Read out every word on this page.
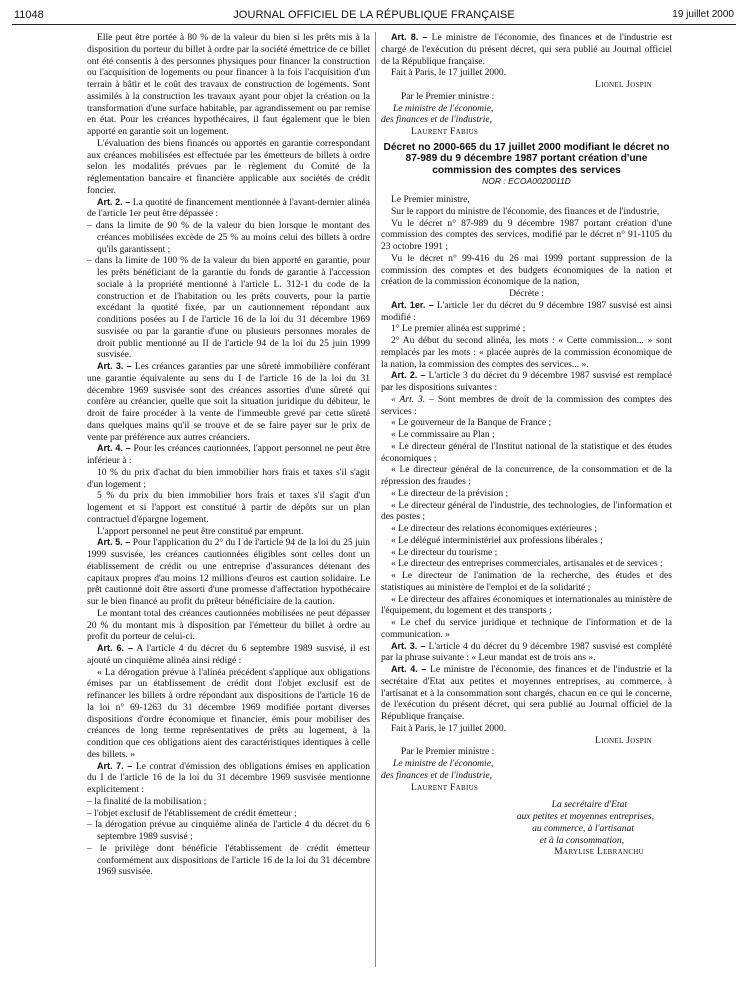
11048	JOURNAL OFFICIEL DE LA RÉPUBLIQUE FRANÇAISE	19 juillet 2000

Elle peut être portée à 80 % de la valeur du bien si les prêts mis à la disposition du porteur du billet à ordre par la société émettrice de ce billet ont été consentis à des personnes physiques pour financer la construction ou l'acquisition de logements ou pour financer à la fois l'acquisition d'un terrain à bâtir et le coût des travaux de construction de logements. Sont assimilés à la construction les travaux ayant pour objet la création ou la transformation d'une surface habitable, par agrandissement ou par remise en état. Pour les créances hypothécaires, il faut également que le bien apporté en garantie soit un logement.

L'évaluation des biens financés ou apportés en garantie correspondant aux créances mobilisées est effectuée par les émetteurs de billets à ordre selon les modalités prévues par le règlement du Comité de la réglementation bancaire et financière applicable aux sociétés de crédit foncier.

Art. 2. – La quotité de financement mentionnée à l'avant-dernier alinéa de l'article 1er peut être dépassée :

– dans la limite de 90 % de la valeur du bien lorsque le montant des créances mobilisées excède de 25 % au moins celui des billets à ordre qu'ils garantissent ;
– dans la limite de 100 % de la valeur du bien apporté en garantie, pour les prêts bénéficiant de la garantie du fonds de garantie à l'accession sociale à la propriété mentionné à l'article L. 312-1 du code de la construction et de l'habitation ou les prêts couverts, pour la partie excédant la quotité fixée, par un cautionnement répondant aux conditions posées au I de l'article 16 de la loi du 31 décembre 1969 susvisée ou par la garantie d'une ou plusieurs personnes morales de droit public mentionné au II de l'article 94 de la loi du 25 juin 1999 susvisée.

Art. 3. – Les créances garanties par une sûreté immobilière conférant une garantie équivalente au sens du I de l'article 16 de la loi du 31 décembre 1969 susvisée sont des créances assorties d'une sûreté qui confère au créancier, quelle que soit la situation juridique du débiteur, le droit de faire procéder à la vente de l'immeuble grevé par cette sûreté dans quelques mains qu'il se trouve et de se faire payer sur le prix de vente par préférence aux autres créanciers.

Art. 4. – Pour les créances cautionnées, l'apport personnel ne peut être inférieur à :

10 % du prix d'achat du bien immobilier hors frais et taxes s'il s'agit d'un logement ;

5 % du prix du bien immobilier hors frais et taxes s'il s'agit d'un logement et si l'apport est constitué à partir de dépôts sur un plan contractuel d'épargne logement.

L'apport personnel ne peut être constitué par emprunt.

Art. 5. – Pour l'application du 2° du I de l'article 94 de la loi du 25 juin 1999 susvisée, les créances cautionnées éligibles sont celles dont un établissement de crédit ou une entreprise d'assurances détenant des capitaux propres d'au moins 12 millions d'euros est caution solidaire. Le prêt cautionné doit être assorti d'une promesse d'affectation hypothécaire sur le bien financé au profit du prêteur bénéficiaire de la caution.

Le montant total des créances cautionnées mobilisées ne peut dépasser 20 % du montant mis à disposition par l'émetteur du billet à ordre au profit du porteur de celui-ci.

Art. 6. – A l'article 4 du décret du 6 septembre 1989 susvisé, il est ajouté un cinquième alinéa ainsi rédigé :

« La dérogation prévue à l'alinéa précédent s'applique aux obligations émises par un établissement de crédit dont l'objet exclusif est de refinancer les billets à ordre répondant aux dispositions de l'article 16 de la loi n° 69-1263 du 31 décembre 1969 modifiée portant diverses dispositions d'ordre économique et financier, émis pour mobiliser des créances de long terme représentatives de prêts au logement, à la condition que ces obligations aient des caractéristiques identiques à celle des billets. »

Art. 7. – Le contrat d'émission des obligations émises en application du I de l'article 16 de la loi du 31 décembre 1969 susvisée mentionne explicitement :

– la finalité de la mobilisation ;
– l'objet exclusif de l'établissement de crédit émetteur ;
– la dérogation prévue au cinquième alinéa de l'article 4 du décret du 6 septembre 1989 susvisé ;
– le privilège dont bénéficie l'établissement de crédit émetteur conformément aux dispositions de l'article 16 de la loi du 31 décembre 1969 susvisée.

Art. 8. – Le ministre de l'économie, des finances et de l'industrie est chargé de l'exécution du présent décret, qui sera publié au Journal officiel de la République française.

Fait à Paris, le 17 juillet 2000.

Lionel Jospin
Par le Premier ministre :
Le ministre de l'économie,
des finances et de l'industrie,
Laurent Fabius
Décret no 2000-665 du 17 juillet 2000 modifiant le décret no 87-989 du 9 décembre 1987 portant création d'une commission des comptes des services
NOR : ECOA0020011D

Le Premier ministre,

Sur le rapport du ministre de l'économie, des finances et de l'industrie,

Vu le décret n° 87-989 du 9 décembre 1987 portant création d'une commission des comptes des services, modifié par le décret n° 91-1105 du 23 octobre 1991 ;

Vu le décret n° 99-416 du 26 mai 1999 portant suppression de la commission des comptes et des budgets économiques de la nation et création de la commission économique de la nation,

Décrète :

Art. 1er. – L'article 1er du décret du 9 décembre 1987 susvisé est ainsi modifié :

1° Le premier alinéa est supprimé ;

2° Au début du second alinéa, les mots : « Cette commission... » sont remplacés par les mots : « placée auprès de la commission économique de la nation, la commission des comptes des services... ».

Art. 2. – L'article 3 du décret du 9 décembre 1987 susvisé est remplacé par les dispositions suivantes :

« Art. 3. – Sont membres de droit de la commission des comptes des services :

« Le gouverneur de la Banque de France ;

« Le commissaire au Plan ;

« Le directeur général de l'Institut national de la statistique et des études économiques ;

« Le directeur général de la concurrence, de la consommation et de la répression des fraudes ;

« Le directeur de la prévision ;

« Le directeur général de l'industrie, des technologies, de l'information et des postes ;

« Le directeur des relations économiques extérieures ;

« Le délégué interministériel aux professions libérales ;

« Le directeur du tourisme ;

« Le directeur des entreprises commerciales, artisanales et de services ;

« Le directeur de l'animation de la recherche, des études et des statistiques au ministère de l'emploi et de la solidarité ;

« Le directeur des affaires économiques et internationales au ministère de l'équipement, du logement et des transports ;

« Le chef du service juridique et technique de l'information et de la communication. »

Art. 3. – L'article 4 du décret du 9 décembre 1987 susvisé est complété par la phrase suivante : « Leur mandat est de trois ans ».

Art. 4. – Le ministre de l'économie, des finances et de l'industrie et la secrétaire d'Etat aux petites et moyennes entreprises, au commerce, à l'artisanat et à la consommation sont chargés, chacun en ce qui le concerne, de l'exécution du présent décret, qui sera publié au Journal officiel de la République française.

Fait à Paris, le 17 juillet 2000.

Lionel Jospin
Par le Premier ministre :
Le ministre de l'économie,
des finances et de l'industrie,
Laurent Fabius
La secrétaire d'Etat
aux petites et moyennes entreprises,
au commerce, à l'artisanat
et à la consommation,
Marylise Lebranchu
